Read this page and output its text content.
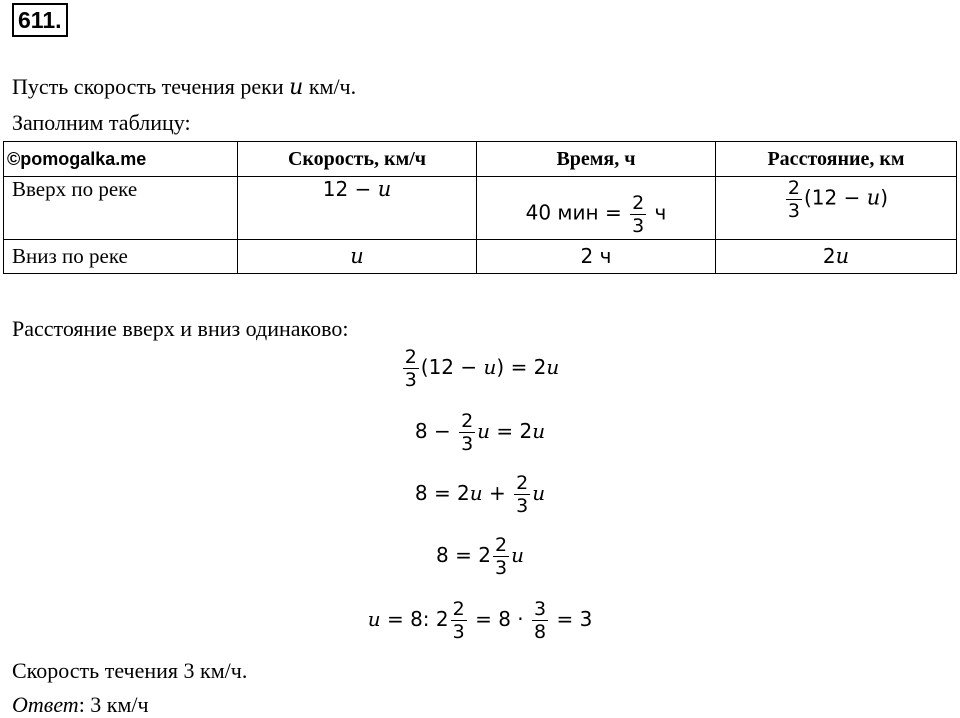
611.
Пусть скорость течения реки u км/ч.
Заполним таблицу:
©pomogalka.me	Скорость, км/ч	Время, ч	Расстояние, км
Вверх по реке	12 − u	40 мин = $\frac{2}{3}$ ч	$\frac{2}{3} (12 - u)$
Вниз по реке	u	2 ч	2u
Расстояние вверх и вниз одинаково:
$\frac{2}{3} (12 - u) = 2u$
$8 - \frac{2}{3}$ u = 2u
$8 = 2u + \frac{2}{3}$ u
$8 = 2 \frac{2}{3}$ u
u = 8: $2 \frac{2}{3} = 8 \cdot \frac{3}{8} = 3$
Скорость течения 3 км/ч.
Ответ: 3 км/ч
